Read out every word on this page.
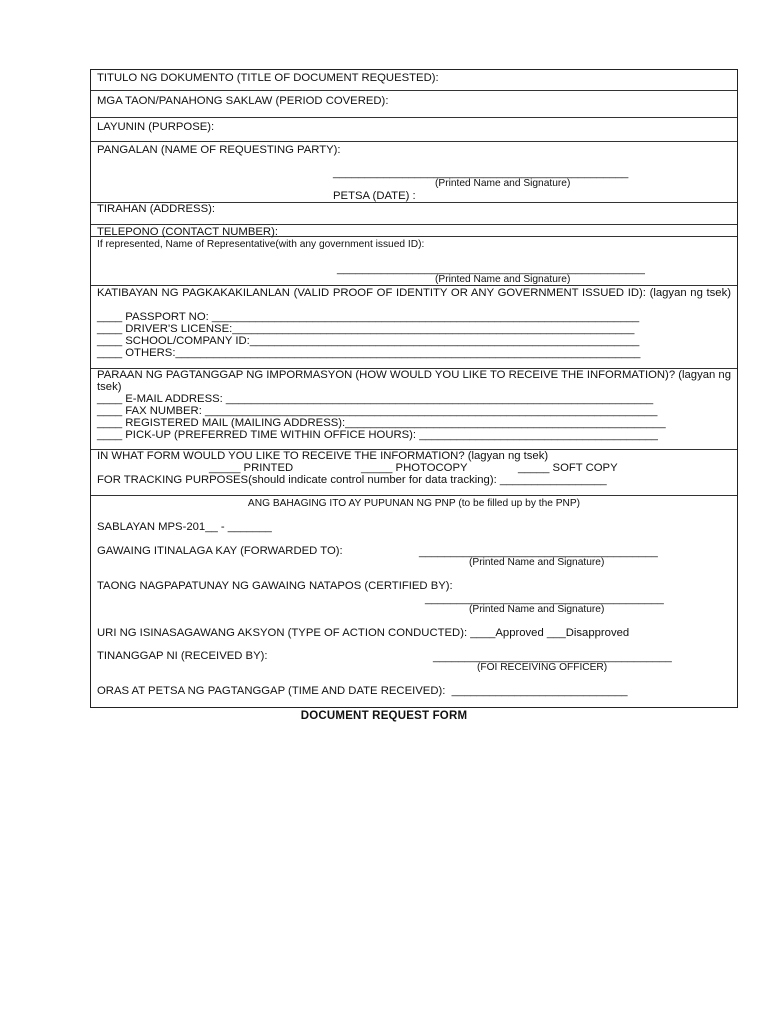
TITULO NG DOKUMENTO (TITLE OF DOCUMENT REQUESTED):
MGA TAON/PANAHONG SAKLAW (PERIOD COVERED):
LAYUNIN (PURPOSE):
PANGALAN (NAME OF REQUESTING PARTY):
_______________________________________________
(Printed Name and Signature)
PETSA (DATE) :
TIRAHAN (ADDRESS):
TELEPONO (CONTACT NUMBER):
If represented, Name of Representative(with any government issued ID):
_________________________________________________
(Printed Name and Signature)
KATIBAYAN NG PAGKAKAKILANLAN (VALID PROOF OF IDENTITY OR ANY GOVERNMENT ISSUED ID): (lagyan ng tsek)
____ PASSPORT NO: ____________________________________________________________________
____ DRIVER'S LICENSE:________________________________________________________________
____ SCHOOL/COMPANY ID:______________________________________________________________
____ OTHERS:__________________________________________________________________________
PARAAN NG PAGTANGGAP NG IMPORMASYON (HOW WOULD YOU LIKE TO RECEIVE THE INFORMATION)? (lagyan ng tsek)
____ E-MAIL ADDRESS: ____________________________________________________________________
____ FAX NUMBER: ________________________________________________________________________
____ REGISTERED MAIL (MAILING ADDRESS):___________________________________________________
____ PICK-UP (PREFERRED TIME WITHIN OFFICE HOURS): ______________________________________
IN WHAT FORM WOULD YOU LIKE TO RECEIVE THE INFORMATION? (lagyan ng tsek)
_____ PRINTED	_____ PHOTOCOPY	_____ SOFT COPY
FOR TRACKING PURPOSES(should indicate control number for data tracking): _________________
ANG BAHAGING ITO AY PUPUNAN NG PNP (to be filled up by the PNP)
SABLAYAN MPS-201__ - _______
GAWAING ITINALAGA KAY (FORWARDED TO):	______________________________________
(Printed Name and Signature)
TAONG NAGPAPATUNAY NG GAWAING NATAPOS (CERTIFIED BY):
______________________________________
(Printed Name and Signature)
URI NG ISINASAGAWANG AKSYON (TYPE OF ACTION CONDUCTED): ____Approved ___Disapproved
TINANGGAP NI (RECEIVED BY):	______________________________________
(FOI RECEIVING OFFICER)
ORAS AT PETSA NG PAGTANGGAP (TIME AND DATE RECEIVED):  ____________________________
DOCUMENT REQUEST FORM
